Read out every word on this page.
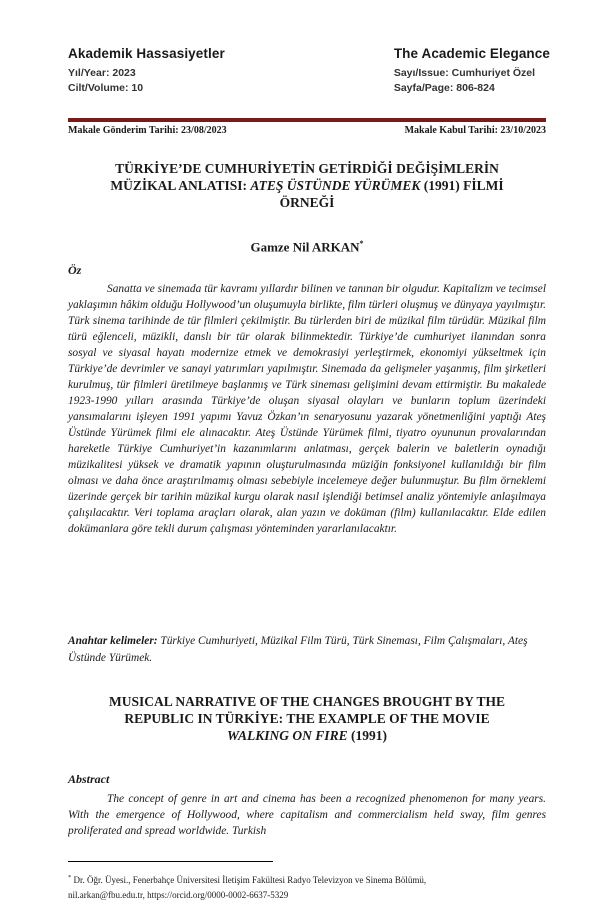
Akademik Hassasiyetler
Yıl/Year: 2023
Cilt/Volume: 10
The Academic Elegance
Sayı/Issue: Cumhuriyet Özel
Sayfa/Page: 806-824
Makale Gönderim Tarihi: 23/08/2023	Makale Kabul Tarihi: 23/10/2023
TÜRKİYE’DE CUMHURİYETİN GETİRDİĞİ DEĞİŞİMLERİN
MÜZİKAL ANLATISI: ATEŞ ÜSTÜNDE YÜRÜMEK (1991) FİLMİ
ÖRNEĞİ
Gamze Nil ARKAN*
Öz

Sanatta ve sinemada tür kavramı yıllardır bilinen ve tanınan bir olgudur. Kapitalizm ve tecimsel yaklaşımın hâkim olduğu Hollywood’un oluşumuyla birlikte, film türleri oluşmuş ve dünyaya yayılmıştır. Türk sinema tarihinde de tür filmleri çekilmiştir. Bu türlerden biri de müzikal film türüdür. Müzikal film türü eğlenceli, müzikli, danslı bir tür olarak bilinmektedir. Türkiye’de cumhuriyet ilanından sonra sosyal ve siyasal hayatı modernize etmek ve demokrasiyi yerleştirmek, ekonomiyi yükseltmek için Türkiye’de devrimler ve sanayi yatırımları yapılmıştır. Sinemada da gelişmeler yaşanmış, film şirketleri kurulmuş, tür filmleri üretilmeye başlanmış ve Türk sineması gelişimini devam ettirmiştir. Bu makalede 1923-1990 yılları arasında Türkiye’de oluşan siyasal olayları ve bunların toplum üzerindeki yansımalarını işleyen 1991 yapımı Yavuz Özkan’ın senaryosunu yazarak yönetmenliğini yaptığı Ateş Üstünde Yürümek filmi ele alınacaktır. Ateş Üstünde Yürümek filmi, tiyatro oyununun provalarından hareketle Türkiye Cumhuriyet’in kazanımlarını anlatması, gerçek balerin ve baletlerin oynadığı müzikalitesi yüksek ve dramatik yapının oluşturulmasında müziğin fonksiyonel kullanıldığı bir film olması ve daha önce araştırılmamış olması sebebiyle incelemeye değer bulunmuştur. Bu film örneklemi üzerinde gerçek bir tarihin müzikal kurgu olarak nasıl işlendiği betimsel analiz yöntemiyle anlaşılmaya çalışılacaktır. Veri toplama araçları olarak, alan yazın ve doküman (film) kullanılacaktır. Elde edilen dokümanlara göre tekli durum çalışması yönteminden yararlanılacaktır.

Anahtar kelimeler: Türkiye Cumhuriyeti, Müzikal Film Türü, Türk Sineması, Film Çalışmaları, Ateş Üstünde Yürümek.

MUSICAL NARRATIVE OF THE CHANGES BROUGHT BY THE
REPUBLIC IN TÜRKİYE: THE EXAMPLE OF THE MOVIE
WALKING ON FIRE (1991)
Abstract

The concept of genre in art and cinema has been a recognized phenomenon for many years. With the emergence of Hollywood, where capitalism and commercialism held sway, film genres proliferated and spread worldwide. Turkish

* Dr. Öğr. Üyesi., Fenerbahçe Üniversitesi İletişim Fakültesi Radyo Televizyon ve Sinema Bölümü,
nil.arkan@fbu.edu.tr, https://orcid.org/0000-0002-6637-5329
